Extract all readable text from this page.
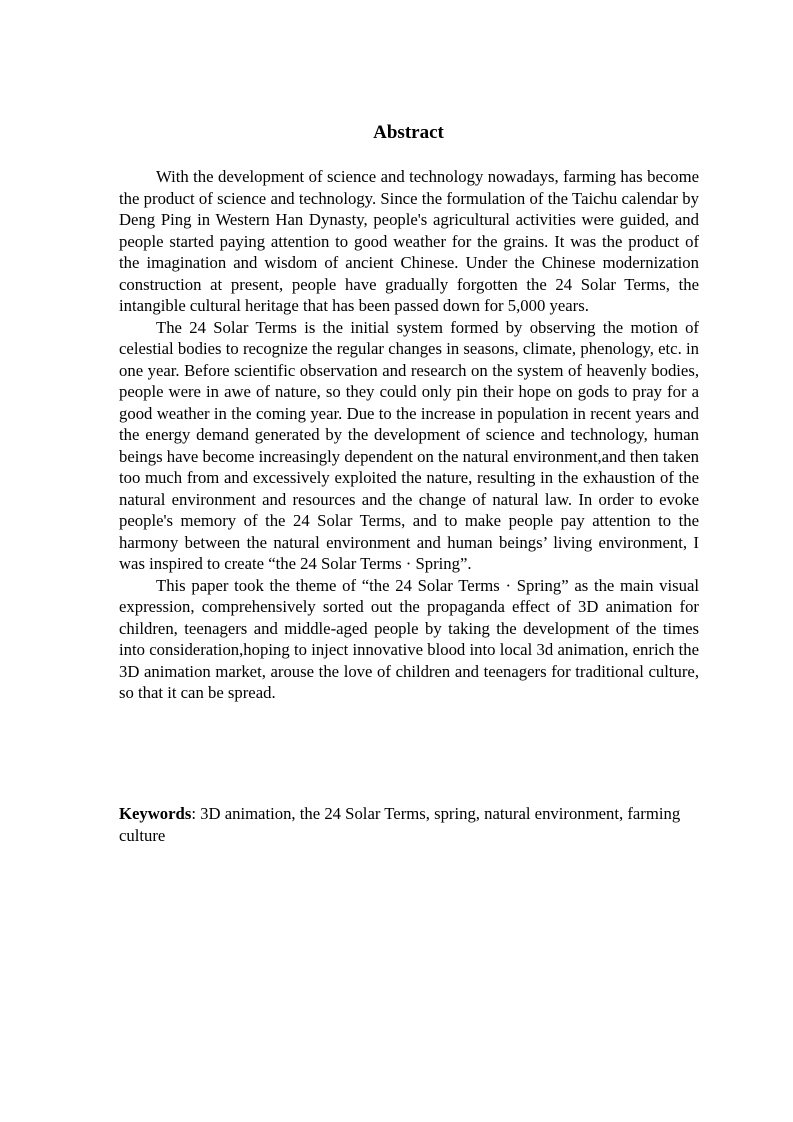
Abstract

With the development of science and technology nowadays, farming has become the product of science and technology. Since the formulation of the Taichu calendar by Deng Ping in Western Han Dynasty, people's agricultural activities were guided, and people started paying attention to good weather for the grains. It was the product of the imagination and wisdom of ancient Chinese. Under the Chinese modernization construction at present, people have gradually forgotten the 24 Solar Terms, the intangible cultural heritage that has been passed down for 5,000 years.

The 24 Solar Terms is the initial system formed by observing the motion of celestial bodies to recognize the regular changes in seasons, climate, phenology, etc. in one year. Before scientific observation and research on the system of heavenly bodies, people were in awe of nature, so they could only pin their hope on gods to pray for a good weather in the coming year. Due to the increase in population in recent years and the energy demand generated by the development of science and technology, human beings have become increasingly dependent on the natural environment,and then taken too much from and excessively exploited the nature, resulting in the exhaustion of the natural environment and resources and the change of natural law. In order to evoke people's memory of the 24 Solar Terms, and to make people pay attention to the harmony between the natural environment and human beings’ living environment, I was inspired to create “the 24 Solar Terms · Spring”.

This paper took the theme of “the 24 Solar Terms · Spring” as the main visual expression, comprehensively sorted out the propaganda effect of 3D animation for children, teenagers and middle-aged people by taking the development of the times into consideration,hoping to inject innovative blood into local 3d animation, enrich the 3D animation market, arouse the love of children and teenagers for traditional culture, so that it can be spread.

Keywords: 3D animation, the 24 Solar Terms, spring, natural environment, farming culture
